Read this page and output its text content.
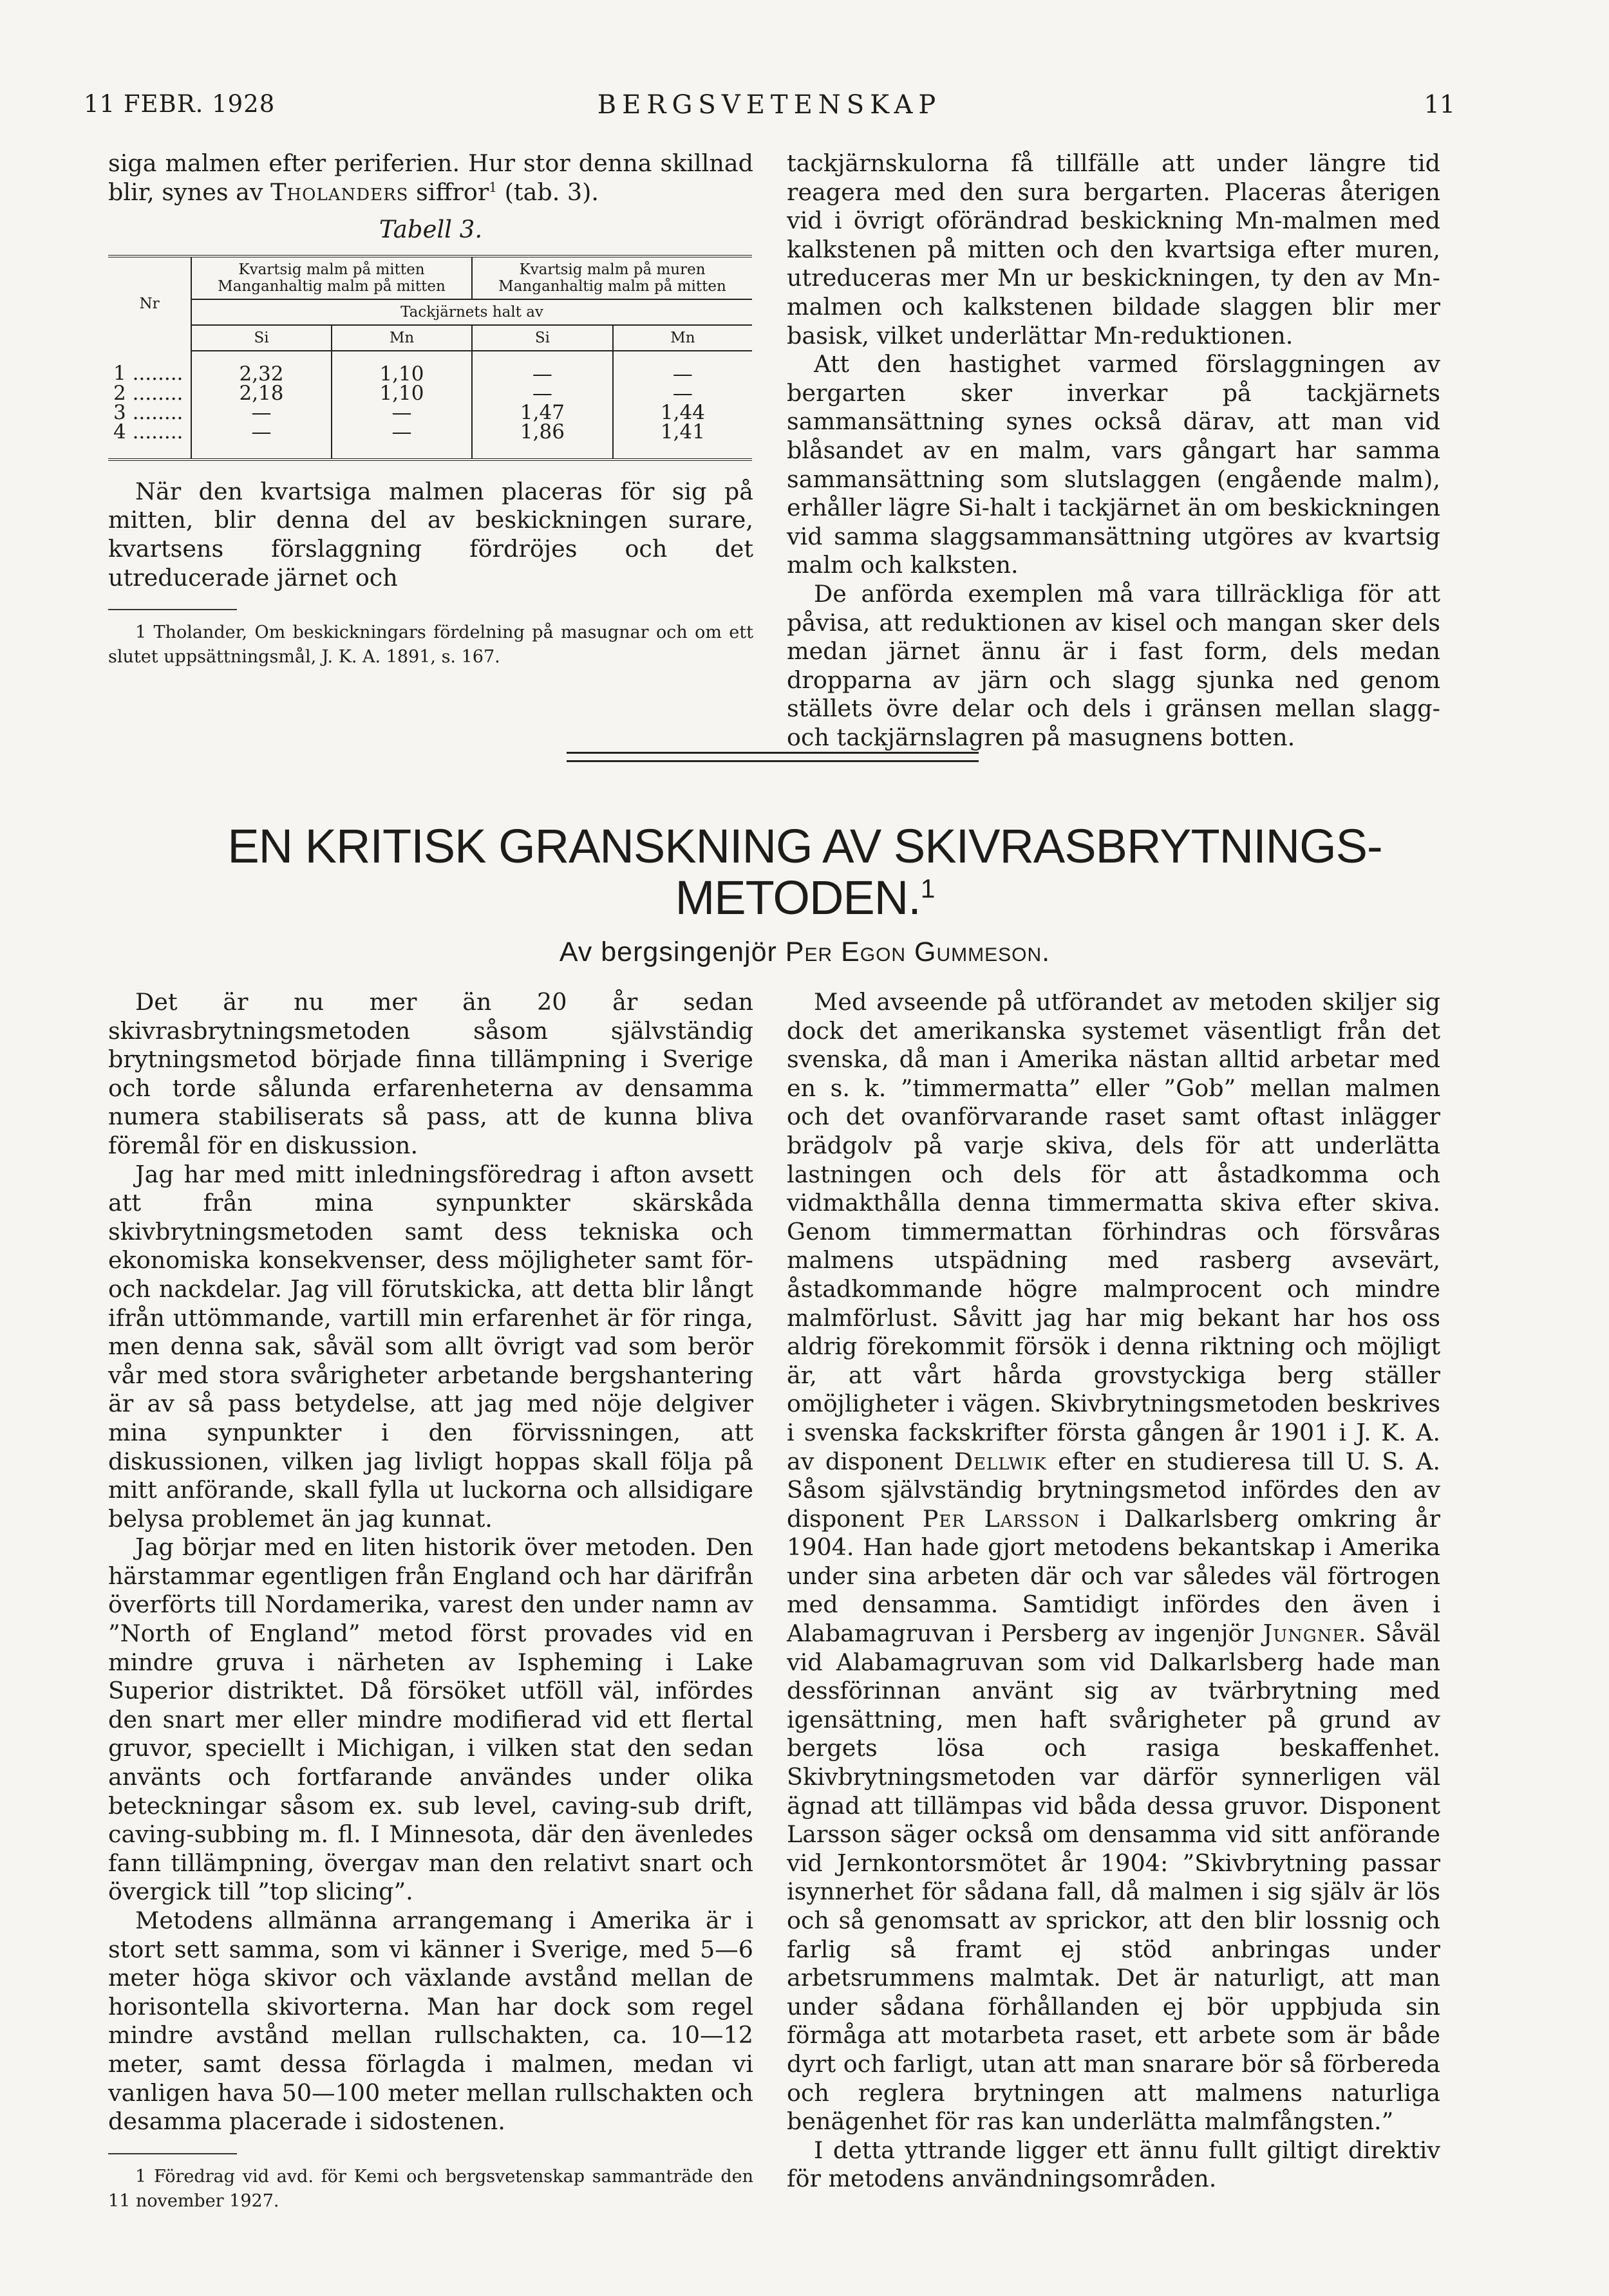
11 FEBR. 1928	BERGSVETENSKAP	11

siga malmen efter periferien. Hur stor denna skillnad blir, synes av Tholanders siffror$^1$ (tab. 3).

Tabell 3.
Nr	Kvartsig malm på mitten Manganhaltig malm på mitten		Kvartsig malm på muren Manganhaltig malm på mitten	
	Tackjärnets halt av			
	Si	Mn	Si	Mn
1 ........	2,32	1,10	—	—
2 ........	2,18	1,10	—	—
3 ........	—	—	1,47	1,44
4 ........	—	—	1,86	1,41

När den kvartsiga malmen placeras för sig på mitten, blir denna del av beskickningen surare, kvartsens förslaggning fördröjes och det utreducerade järnet och

1 Tholander, Om beskickningars fördelning på masugnar och om ett slutet uppsättningsmål, J. K. A. 1891, s. 167.

tackjärnskulorna få tillfälle att under längre tid reagera med den sura bergarten. Placeras återigen vid i övrigt oförändrad beskickning Mn-malmen med kalkstenen på mitten och den kvartsiga efter muren, utreduceras mer Mn ur beskickningen, ty den av Mn-malmen och kalkstenen bildade slaggen blir mer basisk, vilket underlättar Mn-reduktionen.

Att den hastighet varmed förslaggningen av bergarten sker inverkar på tackjärnets sammansättning synes också därav, att man vid blåsandet av en malm, vars gångart har samma sammansättning som slutslaggen (engående malm), erhåller lägre Si-halt i tackjärnet än om beskickningen vid samma slaggsammansättning utgöres av kvartsig malm och kalksten.

De anförda exemplen må vara tillräckliga för att påvisa, att reduktionen av kisel och mangan sker dels medan järnet ännu är i fast form, dels medan dropparna av järn och slagg sjunka ned genom ställets övre delar och dels i gränsen mellan slagg- och tackjärnslagren på masugnens botten.

EN KRITISK GRANSKNING AV SKIVRASBRYTNINGS-
METODEN.$^1$
Av bergsingenjör Per Egon Gummeson.

Det är nu mer än 20 år sedan skivrasbrytningsmetoden såsom självständig brytningsmetod började finna tillämpning i Sverige och torde sålunda erfarenheterna av densamma numera stabiliserats så pass, att de kunna bliva föremål för en diskussion.

Jag har med mitt inledningsföredrag i afton avsett att från mina synpunkter skärskåda skivbrytningsmetoden samt dess tekniska och ekonomiska konsekvenser, dess möjligheter samt för- och nackdelar. Jag vill förutskicka, att detta blir långt ifrån uttömmande, vartill min erfarenhet är för ringa, men denna sak, såväl som allt övrigt vad som berör vår med stora svårigheter arbetande bergshantering är av så pass betydelse, att jag med nöje delgiver mina synpunkter i den förvissningen, att diskussionen, vilken jag livligt hoppas skall följa på mitt anförande, skall fylla ut luckorna och allsidigare belysa problemet än jag kunnat.

Jag börjar med en liten historik över metoden. Den härstammar egentligen från England och har därifrån överförts till Nordamerika, varest den under namn av ”North of England” metod först provades vid en mindre gruva i närheten av Ispheming i Lake Superior distriktet. Då försöket utföll väl, infördes den snart mer eller mindre modifierad vid ett flertal gruvor, speciellt i Michigan, i vilken stat den sedan använts och fortfarande användes under olika beteckningar såsom ex. sub level, caving-sub drift, caving-subbing m. fl. I Minnesota, där den ävenledes fann tillämpning, övergav man den relativt snart och övergick till ”top slicing”.

Metodens allmänna arrangemang i Amerika är i stort sett samma, som vi känner i Sverige, med 5—6 meter höga skivor och växlande avstånd mellan de horisontella skivorterna. Man har dock som regel mindre avstånd mellan rullschakten, ca. 10—12 meter, samt dessa förlagda i malmen, medan vi vanligen hava 50—100 meter mellan rullschakten och desamma placerade i sidostenen.

1 Föredrag vid avd. för Kemi och bergsvetenskap sammanträde den 11 november 1927.

Med avseende på utförandet av metoden skiljer sig dock det amerikanska systemet väsentligt från det svenska, då man i Amerika nästan alltid arbetar med en s. k. ”timmermatta” eller ”Gob” mellan malmen och det ovanförvarande raset samt oftast inlägger brädgolv på varje skiva, dels för att underlätta lastningen och dels för att åstadkomma och vidmakthålla denna timmermatta skiva efter skiva. Genom timmermattan förhindras och försvåras malmens utspädning med rasberg avsevärt, åstadkommande högre malmprocent och mindre malmförlust. Såvitt jag har mig bekant har hos oss aldrig förekommit försök i denna riktning och möjligt är, att vårt hårda grovstyckiga berg ställer omöjligheter i vägen. Skivbrytningsmetoden beskrives i svenska fackskrifter första gången år 1901 i J. K. A. av disponent Dellwik efter en studieresa till U. S. A. Såsom självständig brytningsmetod infördes den av disponent Per Larsson i Dalkarlsberg omkring år 1904. Han hade gjort metodens bekantskap i Amerika under sina arbeten där och var således väl förtrogen med densamma. Samtidigt infördes den även i Alabamagruvan i Persberg av ingenjör Jungner. Såväl vid Alabamagruvan som vid Dalkarlsberg hade man dessförinnan använt sig av tvärbrytning med igensättning, men haft svårigheter på grund av bergets lösa och rasiga beskaffenhet. Skivbrytningsmetoden var därför synnerligen väl ägnad att tillämpas vid båda dessa gruvor. Disponent Larsson säger också om densamma vid sitt anförande vid Jernkontorsmötet år 1904: ”Skivbrytning passar isynnerhet för sådana fall, då malmen i sig själv är lös och så genomsatt av sprickor, att den blir lossnig och farlig så framt ej stöd anbringas under arbetsrummens malmtak. Det är naturligt, att man under sådana förhållanden ej bör uppbjuda sin förmåga att motarbeta raset, ett arbete som är både dyrt och farligt, utan att man snarare bör så förbereda och reglera brytningen att malmens naturliga benägenhet för ras kan underlätta malmfångsten.”

I detta yttrande ligger ett ännu fullt giltigt direktiv för metodens användningsområden.
